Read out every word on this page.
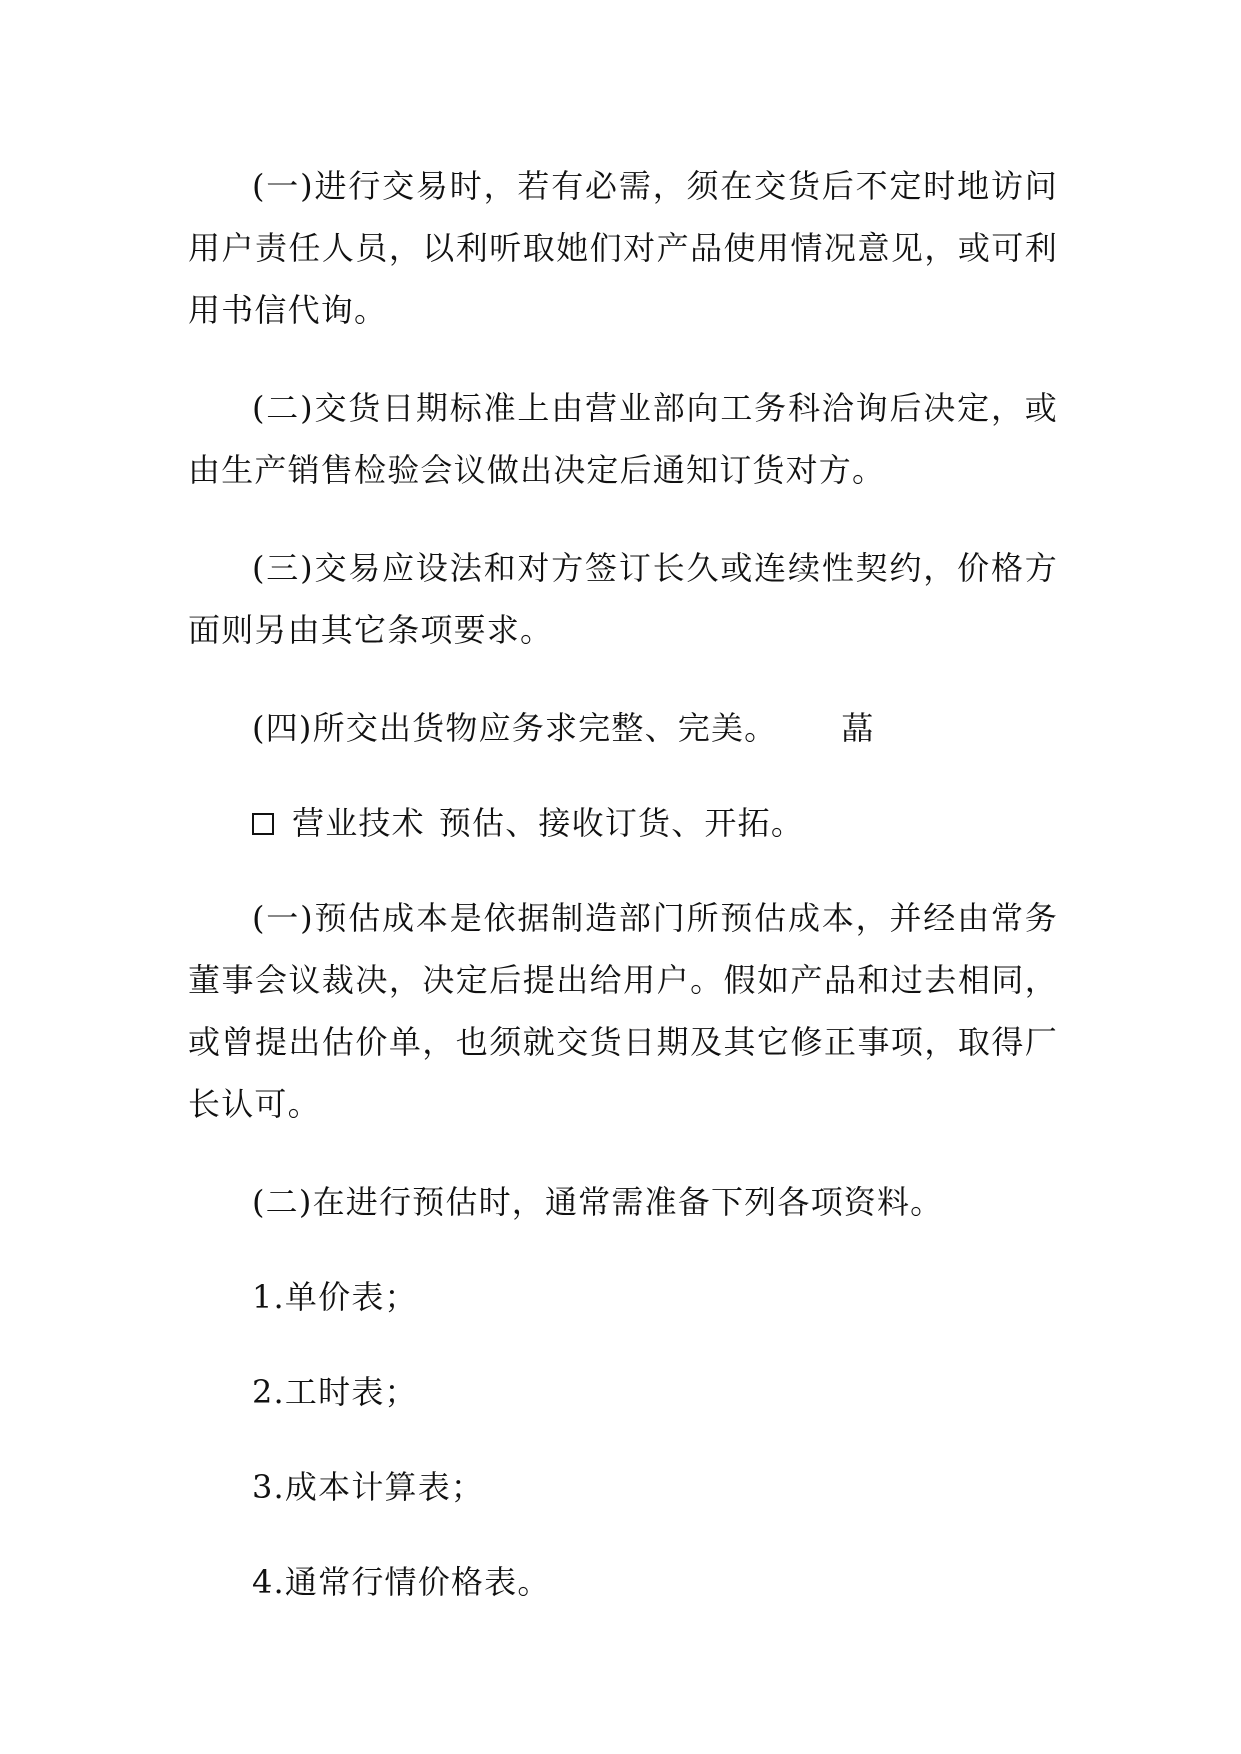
(一)进行交易时，若有必需，须在交货后不定时地访问用户责任人员，以利听取她们对产品使用情况意见，或可利用书信代询。

(二)交货日期标准上由营业部向工务科洽询后决定，或由生产销售检验会议做出决定后通知订货对方。

(三)交易应设法和对方签订长久或连续性契约，价格方面则另由其它条项要求。

(四)所交出货物应务求完整、完美。 蕌

营业技术 预估、接收订货、开拓。

(一)预估成本是依据制造部门所预估成本，并经由常务董事会议裁决，决定后提出给用户。假如产品和过去相同，或曾提出估价单，也须就交货日期及其它修正事项，取得厂长认可。

(二)在进行预估时，通常需准备下列各项资料。

1.单价表；

2.工时表；

3.成本计算表；

4.通常行情价格表。
